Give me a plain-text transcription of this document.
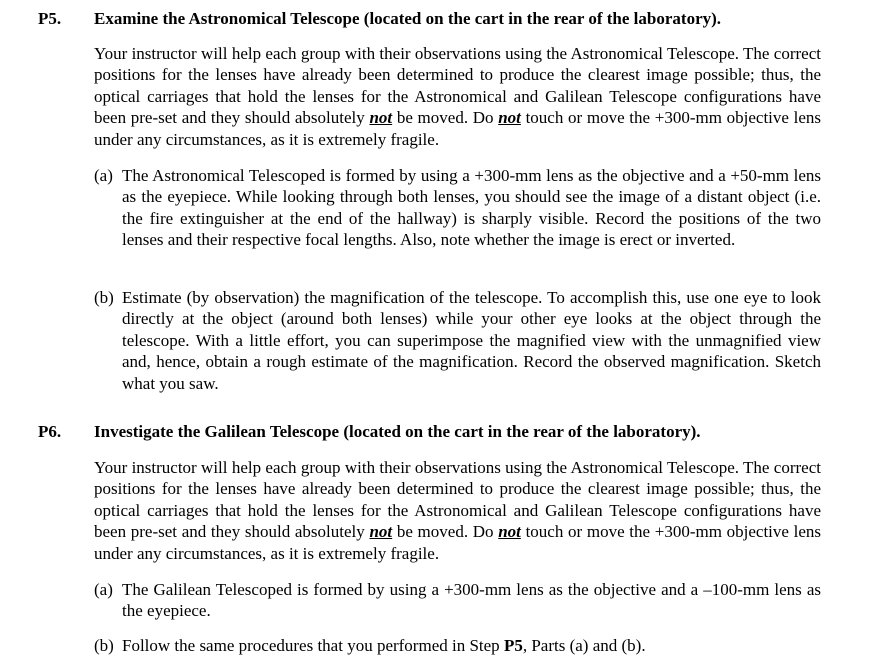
P5. Examine the Astronomical Telescope (located on the cart in the rear of the laboratory).
Your instructor will help each group with their observations using the Astronomical Telescope. The correct positions for the lenses have already been determined to produce the clearest image possible; thus, the optical carriages that hold the lenses for the Astronomical and Galilean Telescope configurations have been pre-set and they should absolutely not be moved. Do not touch or move the +300-mm objective lens under any circumstances, as it is extremely fragile.
(a) The Astronomical Telescoped is formed by using a +300-mm lens as the objective and a +50-mm lens as the eyepiece. While looking through both lenses, you should see the image of a distant object (i.e. the fire extinguisher at the end of the hallway) is sharply visible. Record the positions of the two lenses and their respective focal lengths. Also, note whether the image is erect or inverted.
(b) Estimate (by observation) the magnification of the telescope. To accomplish this, use one eye to look directly at the object (around both lenses) while your other eye looks at the object through the telescope. With a little effort, you can superimpose the magnified view with the unmagnified view and, hence, obtain a rough estimate of the magnification. Record the observed magnification. Sketch what you saw.
P6. Investigate the Galilean Telescope (located on the cart in the rear of the laboratory).
Your instructor will help each group with their observations using the Astronomical Telescope. The correct positions for the lenses have already been determined to produce the clearest image possible; thus, the optical carriages that hold the lenses for the Astronomical and Galilean Telescope configurations have been pre-set and they should absolutely not be moved. Do not touch or move the +300-mm objective lens under any circumstances, as it is extremely fragile.
(a) The Galilean Telescoped is formed by using a +300-mm lens as the objective and a –100-mm lens as the eyepiece.
(b) Follow the same procedures that you performed in Step P5, Parts (a) and (b).
